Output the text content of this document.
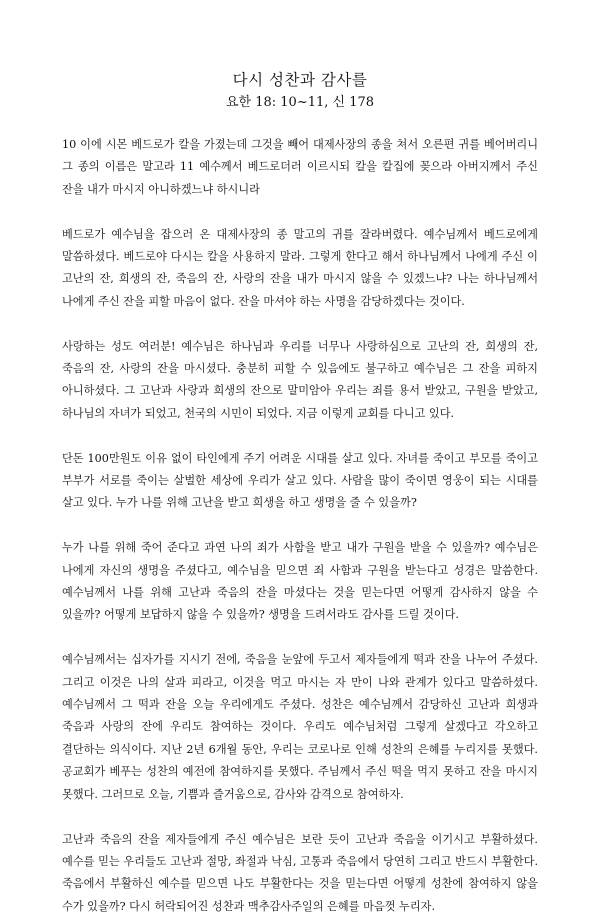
다시 성찬과 감사를
요한 18: 10~11, 신 178

10 이에 시몬 베드로가 칼을 가졌는데 그것을 빼어 대제사장의 종을 쳐서 오른편 귀를 베어버리니 그 종의 이름은 말고라 11 예수께서 베드로더러 이르시되 칼을 칼집에 꽂으라 아버지께서 주신 잔을 내가 마시지 아니하겠느냐 하시니라

베드로가 예수님을 잡으러 온 대제사장의 종 말고의 귀를 잘라버렸다. 예수님께서 베드로에게 말씀하셨다. 베드로야 다시는 칼을 사용하지 말라. 그렇게 한다고 해서 하나님께서 나에게 주신 이 고난의 잔, 희생의 잔, 죽음의 잔, 사랑의 잔을 내가 마시지 않을 수 있겠느냐? 나는 하나님께서 나에게 주신 잔을 피할 마음이 없다. 잔을 마셔야 하는 사명을 감당하겠다는 것이다.

사랑하는 성도 여러분! 예수님은 하나님과 우리를 너무나 사랑하심으로 고난의 잔, 희생의 잔, 죽음의 잔, 사랑의 잔을 마시셨다. 충분히 피할 수 있음에도 불구하고 예수님은 그 잔을 피하지 아니하셨다. 그 고난과 사랑과 희생의 잔으로 말미암아 우리는 죄를 용서 받았고, 구원을 받았고, 하나님의 자녀가 되었고, 천국의 시민이 되었다. 지금 이렇게 교회를 다니고 있다.

단돈 100만원도 이유 없이 타인에게 주기 어려운 시대를 살고 있다. 자녀를 죽이고 부모를 죽이고 부부가 서로를 죽이는 살벌한 세상에 우리가 살고 있다. 사람을 많이 죽이면 영웅이 되는 시대를 살고 있다. 누가 나를 위해 고난을 받고 희생을 하고 생명을 줄 수 있을까?

누가 나를 위해 죽어 준다고 과연 나의 죄가 사함을 받고 내가 구원을 받을 수 있을까? 예수님은 나에게 자신의 생명을 주셨다고, 예수님을 믿으면 죄 사함과 구원을 받는다고 성경은 말씀한다. 예수님께서 나를 위해 고난과 죽음의 잔을 마셨다는 것을 믿는다면 어떻게 감사하지 않을 수 있을까? 어떻게 보답하지 않을 수 있을까? 생명을 드려서라도 감사를 드릴 것이다.

예수님께서는 십자가를 지시기 전에, 죽음을 눈앞에 두고서 제자들에게 떡과 잔을 나누어 주셨다. 그리고 이것은 나의 살과 피라고, 이것을 먹고 마시는 자 만이 나와 관계가 있다고 말씀하셨다. 예수님께서 그 떡과 잔을 오늘 우리에게도 주셨다. 성찬은 예수님께서 감당하신 고난과 희생과 죽음과 사랑의 잔에 우리도 참여하는 것이다. 우리도 예수님처럼 그렇게 살겠다고 각오하고 결단하는 의식이다. 지난 2년 6개월 동안, 우리는 코로나로 인해 성찬의 은혜를 누리지를 못했다. 공교회가 베푸는 성찬의 예전에 참여하지를 못했다. 주님께서 주신 떡을 먹지 못하고 잔을 마시지 못했다. 그러므로 오늘, 기쁨과 즐거움으로, 감사와 감격으로 참여하자.

고난과 죽음의 잔을 제자들에게 주신 예수님은 보란 듯이 고난과 죽음을 이기시고 부활하셨다. 예수를 믿는 우리들도 고난과 절망, 좌절과 낙심, 고통과 죽음에서 당연히 그리고 반드시 부활한다. 죽음에서 부활하신 예수를 믿으면 나도 부활한다는 것을 믿는다면 어떻게 성찬에 참여하지 않을 수가 있을까? 다시 허락되어진 성찬과 맥추감사주일의 은혜를 마음껏 누리자.
